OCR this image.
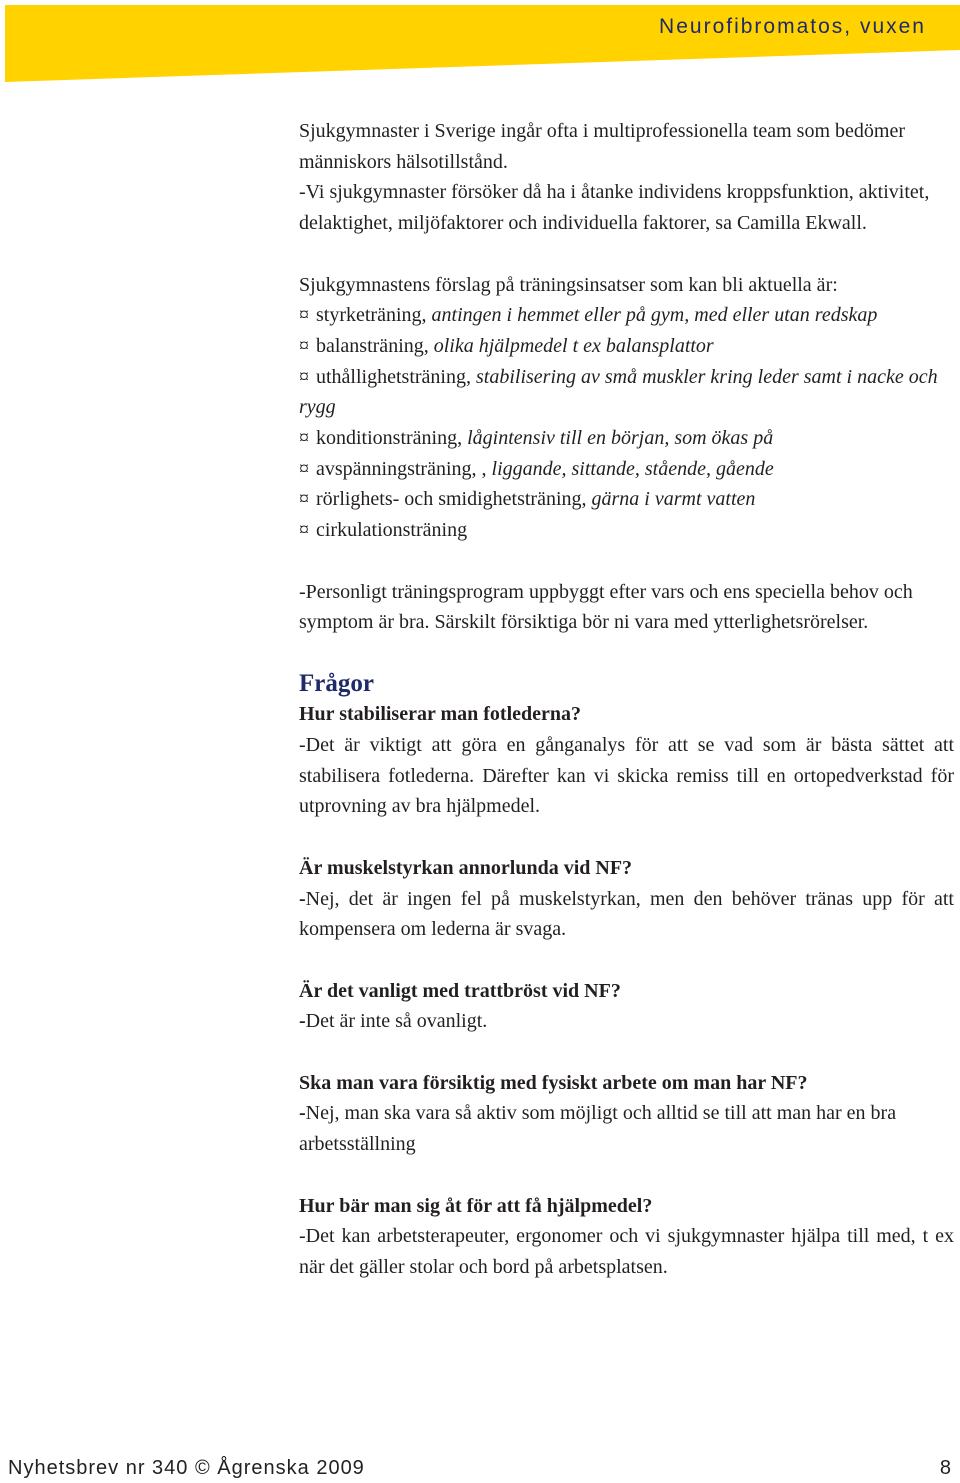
Neurofibromatos, vuxen

Sjukgymnaster i Sverige ingår ofta i multiprofessionella team som bedömer människors hälsotillstånd.

-Vi sjukgymnaster försöker då ha i åtanke individens kroppsfunktion, aktivitet, delaktighet, miljöfaktorer och individuella faktorer, sa Camilla Ekwall.

Sjukgymnastens förslag på träningsinsatser som kan bli aktuella är:

¤ styrketräning, antingen i hemmet eller på gym, med eller utan redskap
¤ balansträning, olika hjälpmedel t ex balansplattor
¤ uthållighetsträning, stabilisering av små muskler kring leder samt i nacke och rygg
¤ konditionsträning, lågintensiv till en början, som ökas på
¤ avspänningsträning, , liggande, sittande, stående, gående
¤ rörlighets- och smidighetsträning, gärna i varmt vatten
¤ cirkulationsträning

-Personligt träningsprogram uppbyggt efter vars och ens speciella behov och symptom är bra. Särskilt försiktiga bör ni vara med ytterlighetsrörelser.

Frågor

Hur stabiliserar man fotlederna?

-Det är viktigt att göra en gånganalys för att se vad som är bästa sättet att stabilisera fotlederna. Därefter kan vi skicka remiss till en ortopedverkstad för utprovning av bra hjälpmedel.

Är muskelstyrkan annorlunda vid NF?

-Nej, det är ingen fel på muskelstyrkan, men den behöver tränas upp för att kompensera om lederna är svaga.

Är det vanligt med trattbröst vid NF?

-Det är inte så ovanligt.

Ska man vara försiktig med fysiskt arbete om man har NF?

-Nej, man ska vara så aktiv som möjligt och alltid se till att man har en bra arbetsställning

Hur bär man sig åt för att få hjälpmedel?

-Det kan arbetsterapeuter, ergonomer och vi sjukgymnaster hjälpa till med, t ex när det gäller stolar och bord på arbetsplatsen.

Nyhetsbrev nr 340 © Ågrenska 2009	8
